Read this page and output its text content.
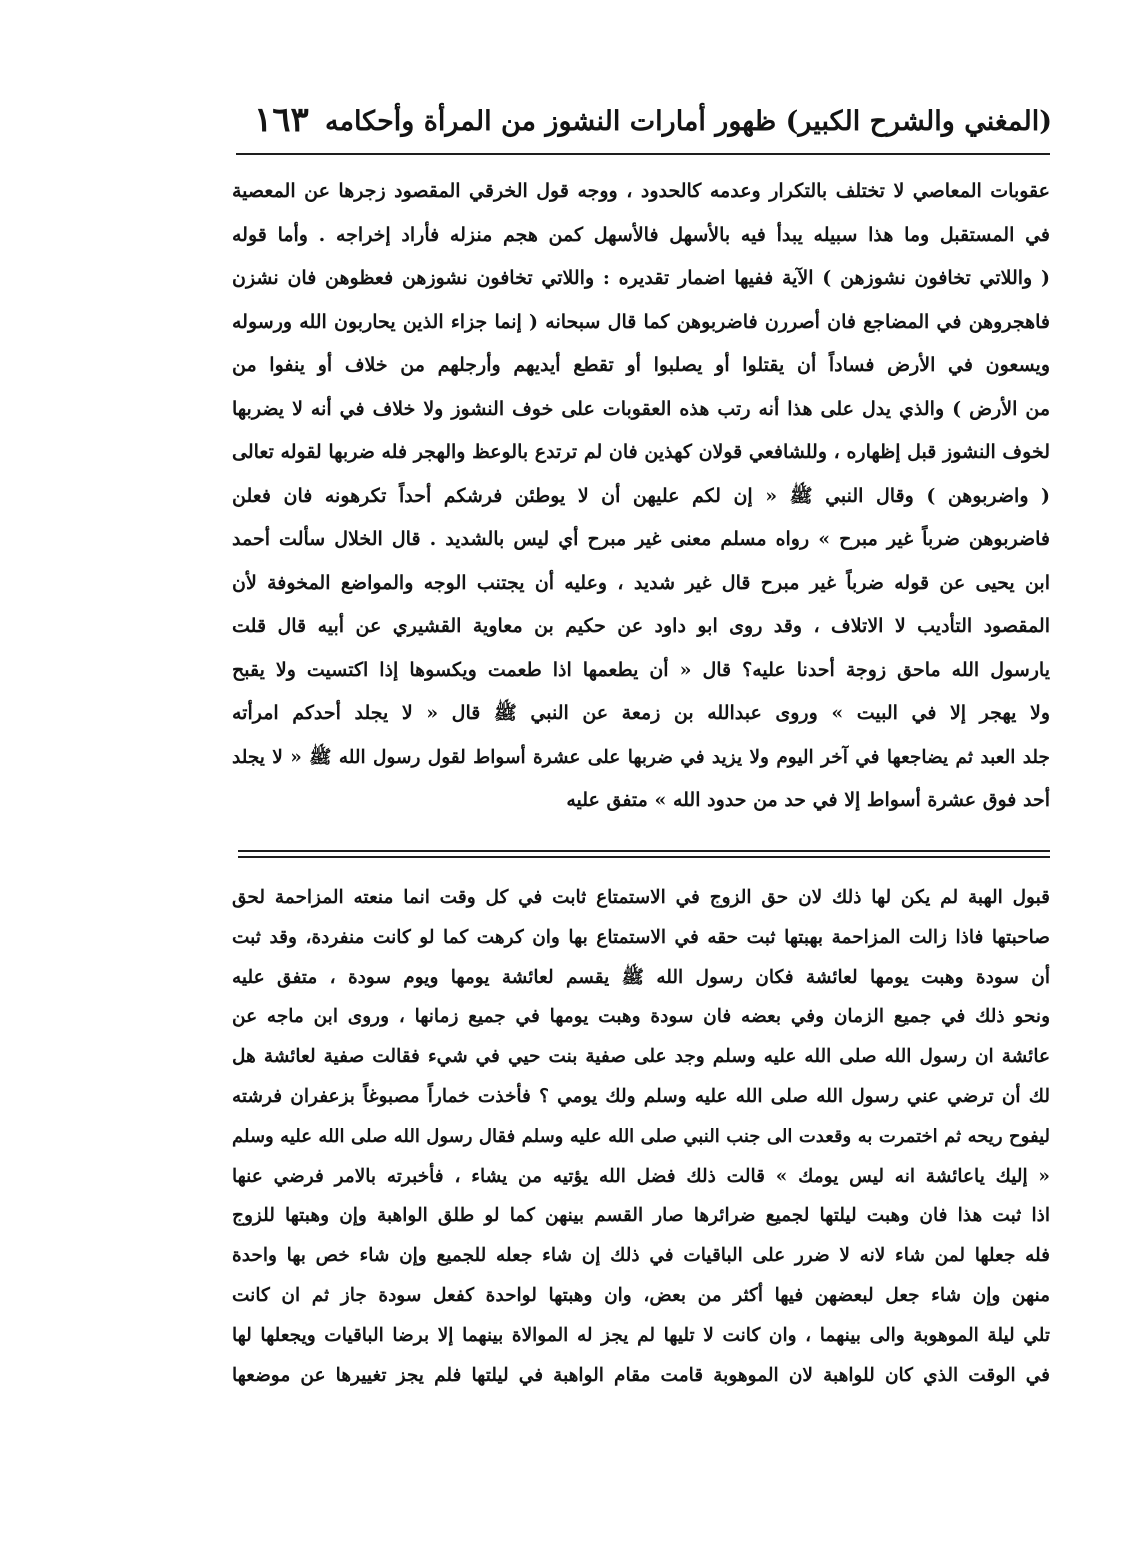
(المغني والشرح الكبير) ظهور أمارات النشوز من المرأة وأحكامه
١٦٣
عقوبات المعاصي لا تختلف بالتكرار وعدمه كالحدود ، ووجه قول الخرقي المقصود زجرها عن المعصية
في المستقبل وما هذا سبيله يبدأ فيه بالأسهل فالأسهل كمن هجم منزله فأراد إخراجه . وأما قوله
( واللاتي تخافون نشوزهن ) الآية ففيها اضمار تقديره : واللاتي تخافون نشوزهن فعظوهن فان نشزن
فاهجروهن في المضاجع فان أصررن فاضربوهن كما قال سبحانه ( إنما جزاء الذين يحاربون الله ورسوله
ويسعون في الأرض فساداً أن يقتلوا أو يصلبوا أو تقطع أيديهم وأرجلهم من خلاف أو ينفوا من
من الأرض ) والذي يدل على هذا أنه رتب هذه العقوبات على خوف النشوز ولا خلاف في أنه لا يضربها
لخوف النشوز قبل إظهاره ، وللشافعي قولان كهذين فان لم ترتدع بالوعظ والهجر فله ضربها لقوله تعالى
( واضربوهن ) وقال النبي ﷺ « إن لكم عليهن أن لا يوطئن فرشكم أحداً تكرهونه فان فعلن
فاضربوهن ضرباً غير مبرح » رواه مسلم معنى غير مبرح أي ليس بالشديد . قال الخلال سألت أحمد
ابن يحيى عن قوله ضرباً غير مبرح قال غير شديد ، وعليه أن يجتنب الوجه والمواضع المخوفة لأن
المقصود التأديب لا الاتلاف ، وقد روى ابو داود عن حكيم بن معاوية القشيري عن أبيه قال قلت
يارسول الله ماحق زوجة أحدنا عليه؟ قال « أن يطعمها اذا طعمت ويكسوها إذا اكتسيت ولا يقبح
ولا يهجر إلا في البيت » وروى عبدالله بن زمعة عن النبي ﷺ قال « لا يجلد أحدكم امرأته
جلد العبد ثم يضاجعها في آخر اليوم ولا يزيد في ضربها على عشرة أسواط لقول رسول الله ﷺ « لا يجلد
أحد فوق عشرة أسواط إلا في حد من حدود الله » متفق عليه
قبول الهبة لم يكن لها ذلك لان حق الزوج في الاستمتاع ثابت في كل وقت انما منعته المزاحمة لحق
صاحبتها فاذا زالت المزاحمة بهبتها ثبت حقه في الاستمتاع بها وان كرهت كما لو كانت منفردة، وقد ثبت
أن سودة وهبت يومها لعائشة فكان رسول الله ﷺ يقسم لعائشة يومها ويوم سودة ، متفق عليه
ونحو ذلك في جميع الزمان وفي بعضه فان سودة وهبت يومها في جميع زمانها ، وروى ابن ماجه عن
عائشة ان رسول الله صلى الله عليه وسلم وجد على صفية بنت حيي في شيء فقالت صفية لعائشة هل
لك أن ترضي عني رسول الله صلى الله عليه وسلم ولك يومي ؟ فأخذت خماراً مصبوغاً بزعفران فرشته
ليفوح ريحه ثم اختمرت به وقعدت الى جنب النبي صلى الله عليه وسلم فقال رسول الله صلى الله عليه وسلم
« إليك ياعائشة انه ليس يومك » قالت ذلك فضل الله يؤتيه من يشاء ، فأخبرته بالامر فرضي عنها
اذا ثبت هذا فان وهبت ليلتها لجميع ضرائرها صار القسم بينهن كما لو طلق الواهبة وإن وهبتها للزوج
فله جعلها لمن شاء لانه لا ضرر على الباقيات في ذلك إن شاء جعله للجميع وإن شاء خص بها واحدة
منهن وإن شاء جعل لبعضهن فيها أكثر من بعض، وان وهبتها لواحدة كفعل سودة جاز ثم ان كانت
تلي ليلة الموهوبة والى بينهما ، وان كانت لا تليها لم يجز له الموالاة بينهما إلا برضا الباقيات ويجعلها لها
في الوقت الذي كان للواهبة لان الموهوبة قامت مقام الواهبة في ليلتها فلم يجز تغييرها عن موضعها
